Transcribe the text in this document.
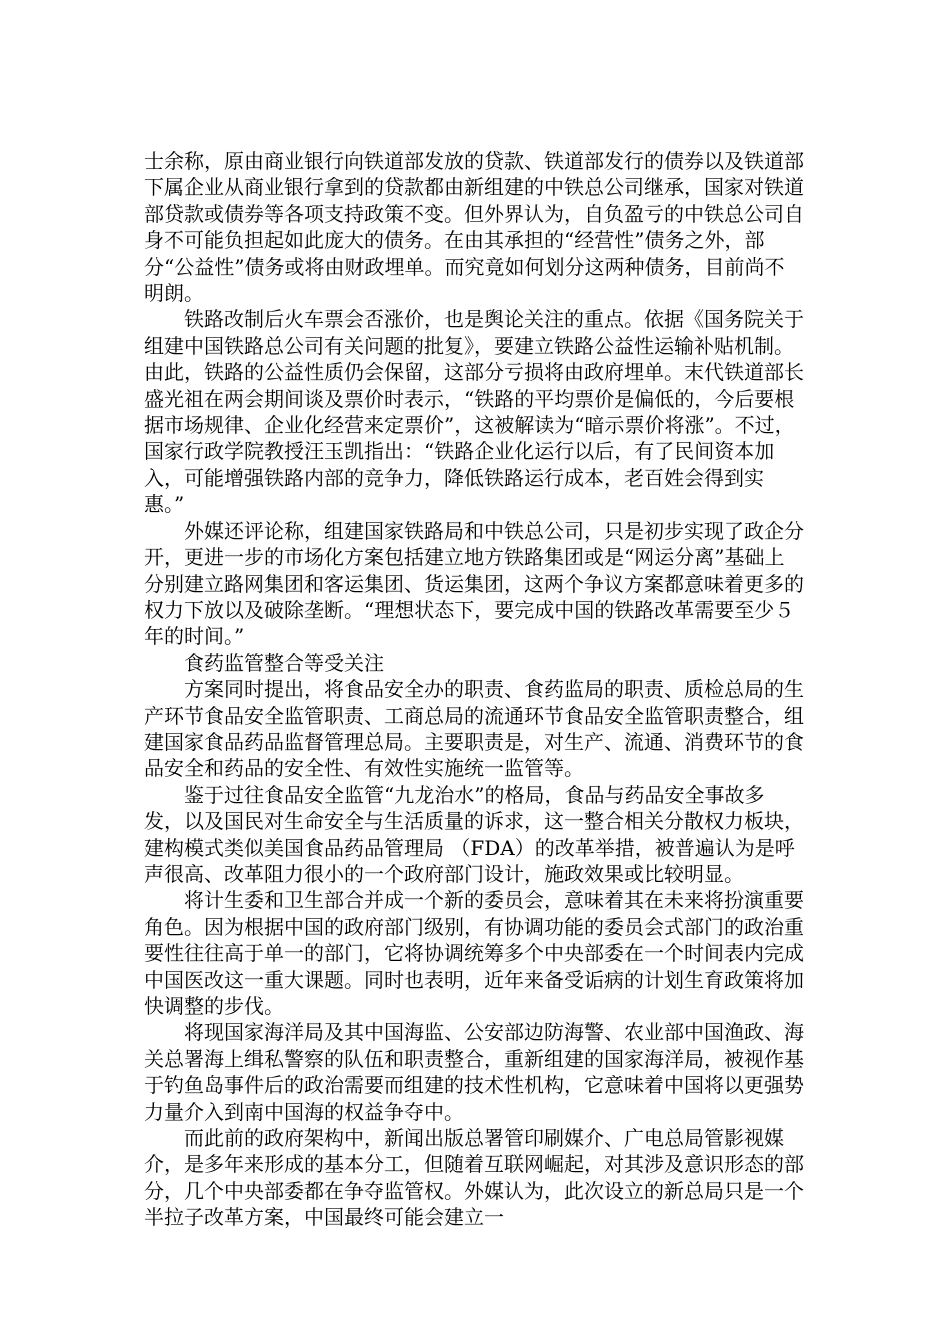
士余称，原由商业银行向铁道部发放的贷款、铁道部发行的债券以及铁道部下属企业从商业银行拿到的贷款都由新组建的中铁总公司继承，国家对铁道部贷款或债券等各项支持政策不变。但外界认为，自负盈亏的中铁总公司自身不可能负担起如此庞大的债务。在由其承担的“经营性”债务之外，部分“公益性”债务或将由财政埋单。而究竟如何划分这两种债务，目前尚不明朗。

铁路改制后火车票会否涨价，也是舆论关注的重点。依据《国务院关于组建中国铁路总公司有关问题的批复》，要建立铁路公益性运输补贴机制。由此，铁路的公益性质仍会保留，这部分亏损将由政府埋单。末代铁道部长盛光祖在两会期间谈及票价时表示，“铁路的平均票价是偏低的，今后要根据市场规律、企业化经营来定票价”，这被解读为“暗示票价将涨”。不过，国家行政学院教授汪玉凯指出：“铁路企业化运行以后，有了民间资本加入，可能增强铁路内部的竞争力，降低铁路运行成本，老百姓会得到实惠。”

外媒还评论称，组建国家铁路局和中铁总公司，只是初步实现了政企分开，更进一步的市场化方案包括建立地方铁路集团或是“网运分离”基础上分别建立路网集团和客运集团、货运集团，这两个争议方案都意味着更多的权力下放以及破除垄断。“理想状态下，要完成中国的铁路改革需要至少５年的时间。”

食药监管整合等受关注

方案同时提出，将食品安全办的职责、食药监局的职责、质检总局的生产环节食品安全监管职责、工商总局的流通环节食品安全监管职责整合，组建国家食品药品监督管理总局。主要职责是，对生产、流通、消费环节的食品安全和药品的安全性、有效性实施统一监管等。

鉴于过往食品安全监管“九龙治水”的格局，食品与药品安全事故多发，以及国民对生命安全与生活质量的诉求，这一整合相关分散权力板块，建构模式类似美国食品药品管理局 （FDA）的改革举措，被普遍认为是呼声很高、改革阻力很小的一个政府部门设计，施政效果或比较明显。

将计生委和卫生部合并成一个新的委员会，意味着其在未来将扮演重要角色。因为根据中国的政府部门级别，有协调功能的委员会式部门的政治重要性往往高于单一的部门，它将协调统筹多个中央部委在一个时间表内完成中国医改这一重大课题。同时也表明，近年来备受诟病的计划生育政策将加快调整的步伐。

将现国家海洋局及其中国海监、公安部边防海警、农业部中国渔政、海关总署海上缉私警察的队伍和职责整合，重新组建的国家海洋局，被视作基于钓鱼岛事件后的政治需要而组建的技术性机构，它意味着中国将以更强势力量介入到南中国海的权益争夺中。

而此前的政府架构中，新闻出版总署管印刷媒介、广电总局管影视媒介，是多年来形成的基本分工，但随着互联网崛起，对其涉及意识形态的部分，几个中央部委都在争夺监管权。外媒认为，此次设立的新总局只是一个半拉子改革方案，中国最终可能会建立一
